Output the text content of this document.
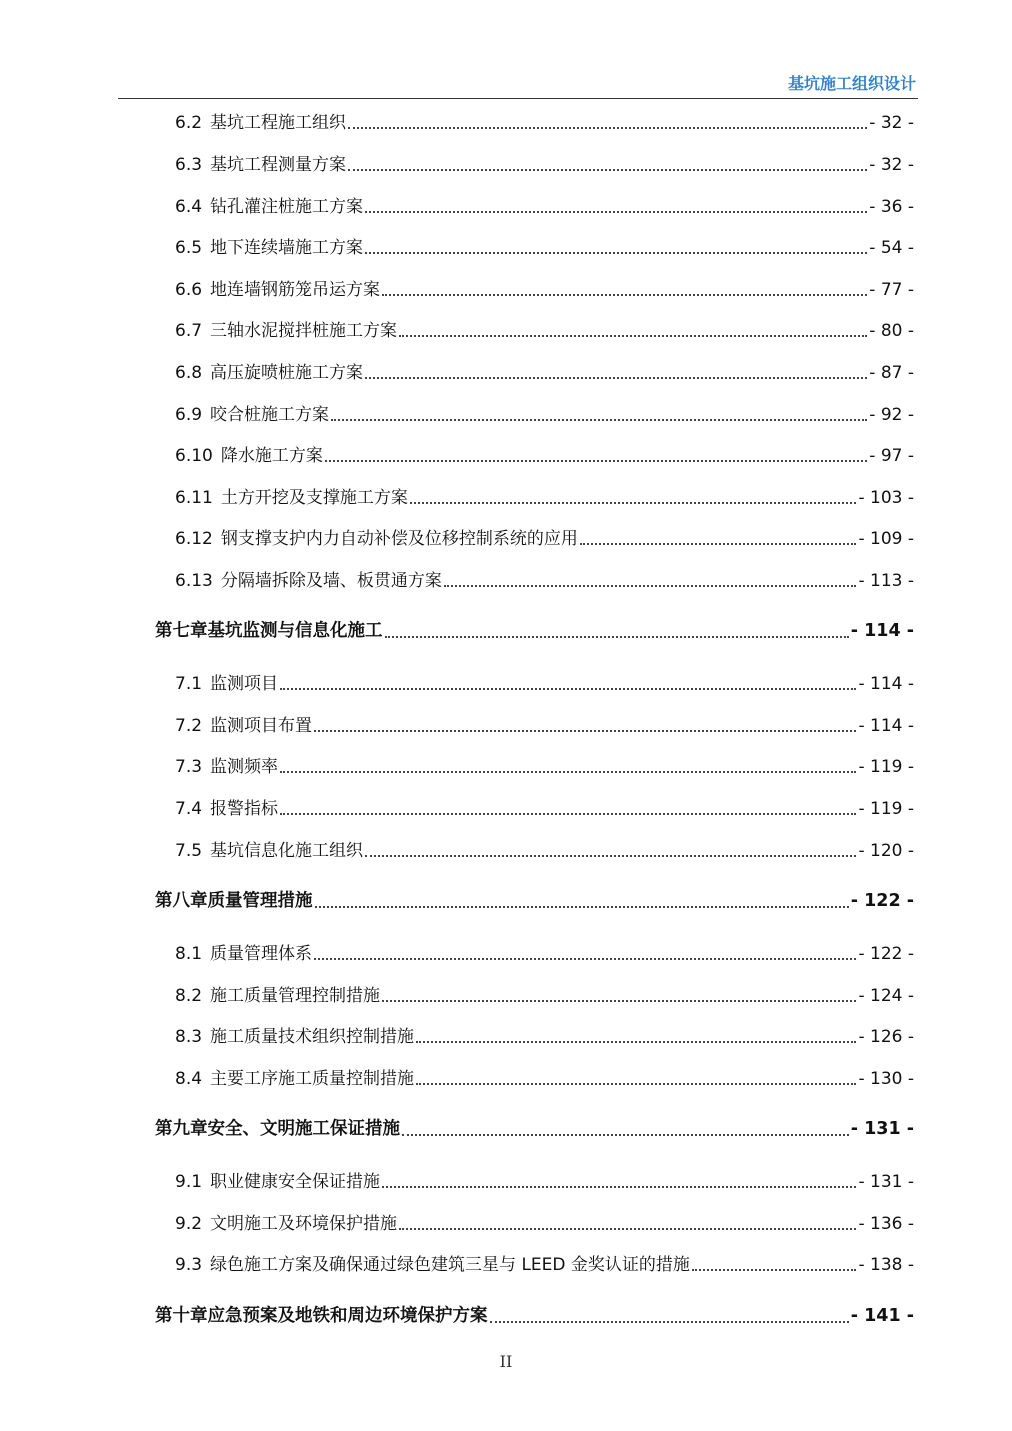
基坑施工组织设计
6.2 基坑工程施工组织	- 32 -
6.3 基坑工程测量方案	- 32 -
6.4 钻孔灌注桩施工方案	- 36 -
6.5 地下连续墙施工方案	- 54 -
6.6 地连墙钢筋笼吊运方案	- 77 -
6.7 三轴水泥搅拌桩施工方案	- 80 -
6.8 高压旋喷桩施工方案	- 87 -
6.9 咬合桩施工方案	- 92 -
6.10 降水施工方案	- 97 -
6.11 土方开挖及支撑施工方案	- 103 -
6.12 钢支撑支护内力自动补偿及位移控制系统的应用	- 109 -
6.13 分隔墙拆除及墙、板贯通方案	- 113 -
第七章基坑监测与信息化施工	- 114 -
7.1 监测项目	- 114 -
7.2 监测项目布置	- 114 -
7.3 监测频率	- 119 -
7.4 报警指标	- 119 -
7.5 基坑信息化施工组织	- 120 -
第八章质量管理措施	- 122 -
8.1 质量管理体系	- 122 -
8.2 施工质量管理控制措施	- 124 -
8.3 施工质量技术组织控制措施	- 126 -
8.4 主要工序施工质量控制措施	- 130 -
第九章安全、文明施工保证措施	- 131 -
9.1 职业健康安全保证措施	- 131 -
9.2 文明施工及环境保护措施	- 136 -
9.3 绿色施工方案及确保通过绿色建筑三星与 LEED 金奖认证的措施	- 138 -
第十章应急预案及地铁和周边环境保护方案	- 141 -
II
